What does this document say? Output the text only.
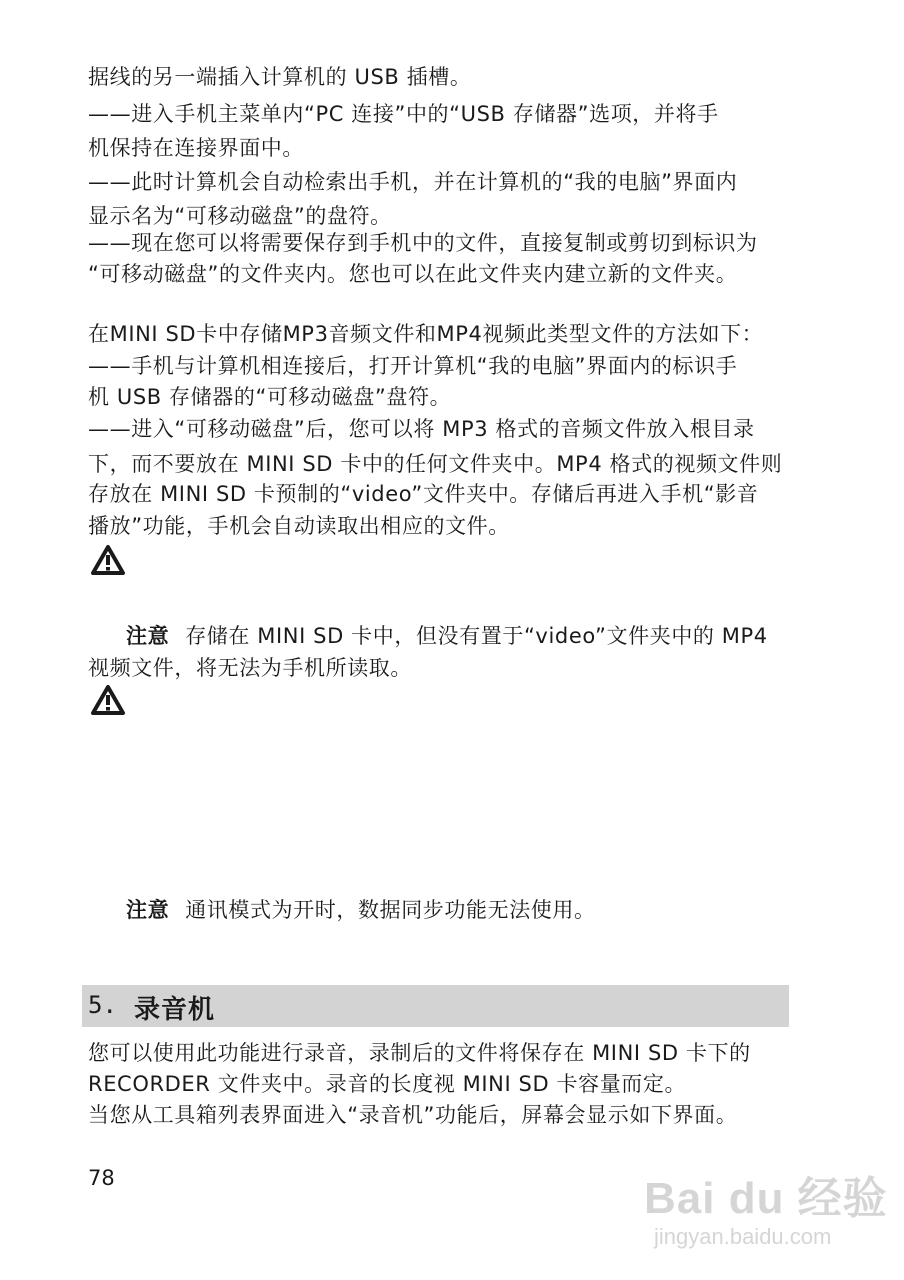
据线的另一端插入计算机的 USB 插槽。
——进入手机主菜单内“PC 连接”中的“USB 存储器”选项，并将手
机保持在连接界面中。
——此时计算机会自动检索出手机，并在计算机的“我的电脑”界面内
显示名为“可移动磁盘”的盘符。
——现在您可以将需要保存到手机中的文件，直接复制或剪切到标识为
“可移动磁盘”的文件夹内。您也可以在此文件夹内建立新的文件夹。
在MINI SD卡中存储MP3音频文件和MP4视频此类型文件的方法如下：
——手机与计算机相连接后，打开计算机“我的电脑”界面内的标识手
机 USB 存储器的“可移动磁盘”盘符。
——进入“可移动磁盘”后，您可以将 MP3 格式的音频文件放入根目录
下，而不要放在 MINI SD 卡中的任何文件夹中。MP4 格式的视频文件则
存放在 MINI SD 卡预制的“video”文件夹中。存储后再进入手机“影音
播放”功能，手机会自动读取出相应的文件。
注意 存储在 MINI SD 卡中，但没有置于“video”文件夹中的 MP4
视频文件，将无法为手机所读取。
注意 通讯模式为开时，数据同步功能无法使用。
5. 录音机
您可以使用此功能进行录音，录制后的文件将保存在 MINI SD 卡下的
RECORDER 文件夹中。录音的长度视 MINI SD 卡容量而定。
当您从工具箱列表界面进入“录音机”功能后，屏幕会显示如下界面。
78	Bai du 经验
jingyan.baidu.com
